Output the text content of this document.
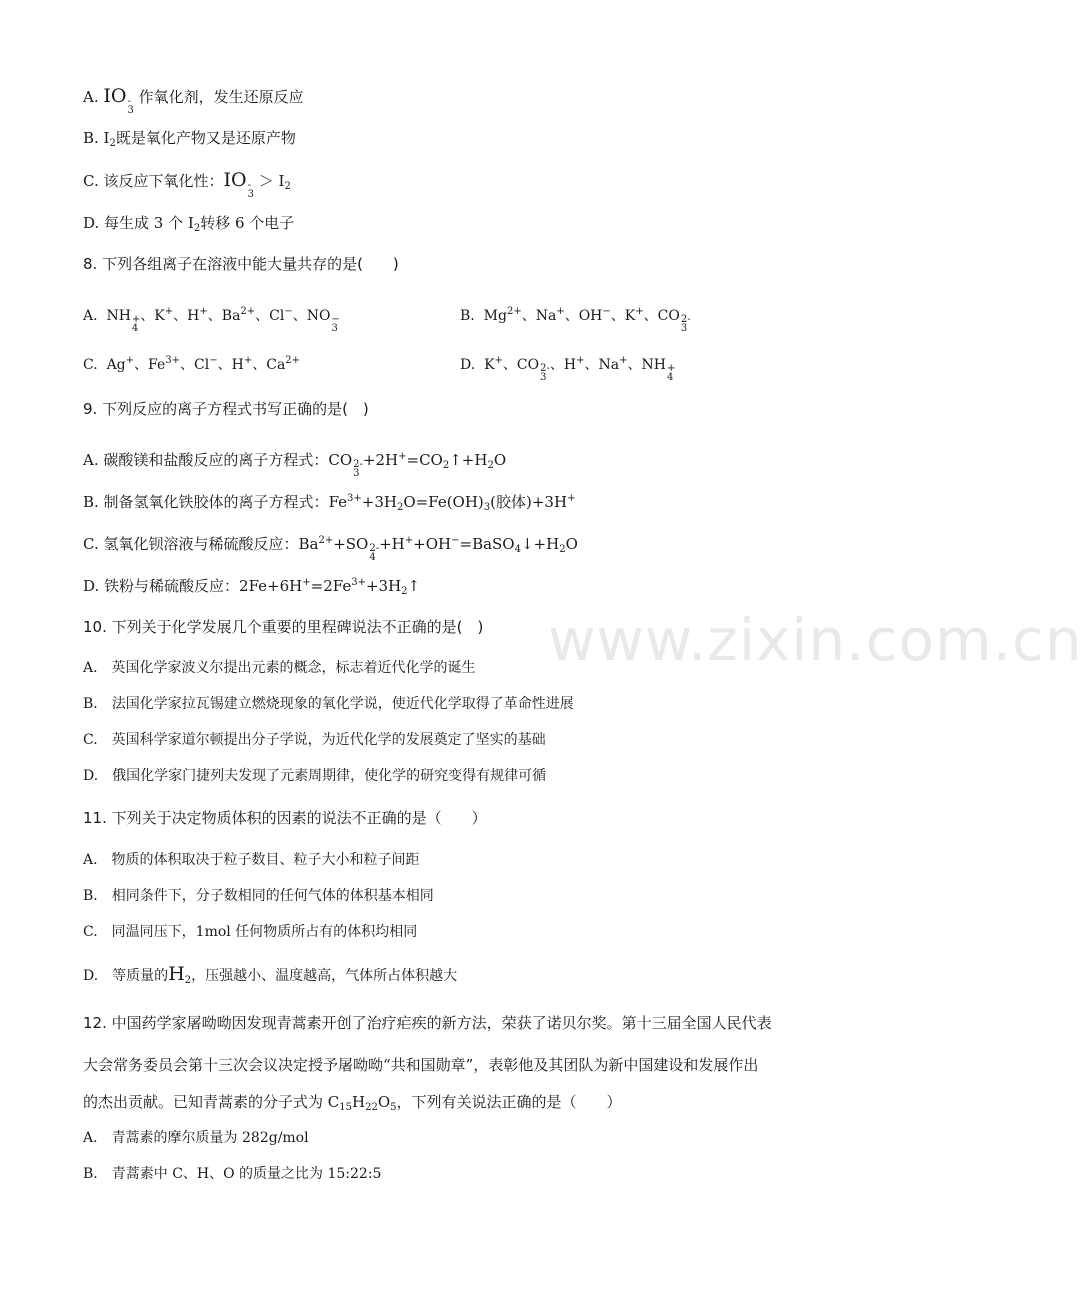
www.zixin.com.cn
A. IO -
3
作氧化剂，发生还原反应
B. $I_2$既是氧化产物又是还原产物
C. 该反应下氧化性：IO -
3
＞ $I_2$
D. 每生成 3 个 $I_2$转移 6 个电子
8. 下列各组离子在溶液中能大量共存的是(　　)
A.  NH +
4
、K+、H+、$Ba^{2+}$、Cl−、NO −
3
B.  $Mg^{2+}$、Na+、OH−、K+、CO 2-
3
C.  Ag+、$Fe^{3+}$、Cl−、H+、$Ca^{2+}$	D.  K+、CO 2-
3
、H+、Na+、NH +
4
9. 下列反应的离子方程式书写正确的是(　)
A. 碳酸镁和盐酸反应的离子方程式：CO 2-
3
$+2H^+=CO_2↑+H_2O$
B. 制备氢氧化铁胶体的离子方程式：$Fe^{3+}+3H_2O=Fe(OH)_3$(胶体)+3H+
C. 氢氧化钡溶液与稀硫酸反应：$Ba^{2+}+SO$ 2-
4
$+H^++OH^-=BaSO_4↓+H_2O$
D. 铁粉与稀硫酸反应：$2Fe+6H^+=2Fe^{3+}+3H_2↑$
10. 下列关于化学发展几个重要的里程碑说法不正确的是(　)
A.　英国化学家波义尔提出元素的概念，标志着近代化学的诞生
B.　法国化学家拉瓦锡建立燃烧现象的氧化学说，使近代化学取得了革命性进展
C.　英国科学家道尔顿提出分子学说，为近代化学的发展奠定了坚实的基础
D.　俄国化学家门捷列夫发现了元素周期律，使化学的研究变得有规律可循
11. 下列关于决定物质体积的因素的说法不正确的是（　　）
A.　物质的体积取决于粒子数目、粒子大小和粒子间距
B.　相同条件下，分子数相同的任何气体的体积基本相同
C.　同温同压下，1mol 任何物质所占有的体积均相同
D.　等质量的$H_2$，压强越小、温度越高，气体所占体积越大
12. 中国药学家屠呦呦因发现青蒿素开创了治疗疟疾的新方法，荣获了诺贝尔奖。第十三届全国人民代表
大会常务委员会第十三次会议决定授予屠呦呦“共和国勋章”，表彰他及其团队为新中国建设和发展作出
的杰出贡献。已知青蒿素的分子式为 $C_{15}H_{22}O_5$，下列有关说法正确的是（　　）
A.　青蒿素的摩尔质量为 282g/mol
B.　青蒿素中 C、H、O 的质量之比为 15:22:5
